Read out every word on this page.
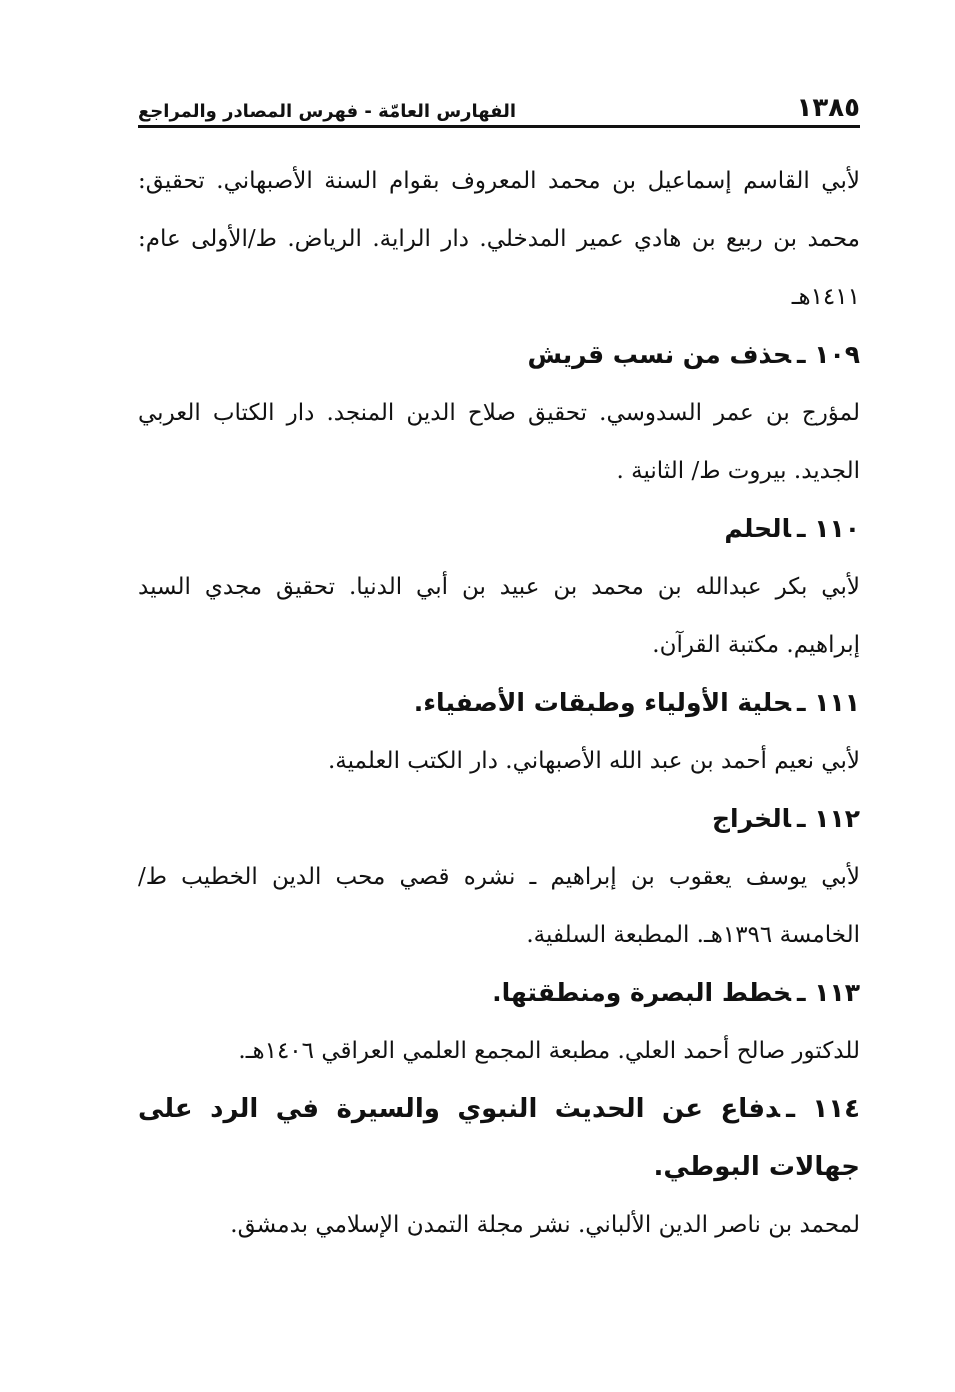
١٣٨٥
الفهارس العامّة - فهرس المصادر والمراجع

لأبي القاسم إسماعيل بن محمد المعروف بقوام السنة الأصبهاني. تحقيق: محمد بن ربيع بن هادي عمير المدخلي. دار الراية. الرياض. ط/الأولى عام: ١٤١١هـ

١٠٩ ـحذف من نسب قريش

لمؤرج بن عمر السدوسي. تحقيق صلاح الدين المنجد. دار الكتاب العربي الجديد. بيروت ط/ الثانية .

١١٠ ـالحلم

لأبي بكر عبدالله بن محمد بن عبيد بن أبي الدنيا. تحقيق مجدي السيد إبراهيم. مكتبة القرآن.

١١١ ـحلية الأولياء وطبقات الأصفياء.

لأبي نعيم أحمد بن عبد الله الأصبهاني. دار الكتب العلمية.

١١٢ ـالخراج

لأبي يوسف يعقوب بن إبراهيم ـ نشره قصي محب الدين الخطيب ط/ الخامسة ١٣٩٦هـ. المطبعة السلفية.

١١٣ ـخطط البصرة ومنطقتها.

للدكتور صالح أحمد العلي. مطبعة المجمع العلمي العراقي ١٤٠٦هـ.

١١٤ ـدفاع عن الحديث النبوي والسيرة في الرد على جهالات البوطي.

لمحمد بن ناصر الدين الألباني. نشر مجلة التمدن الإسلامي بدمشق.
